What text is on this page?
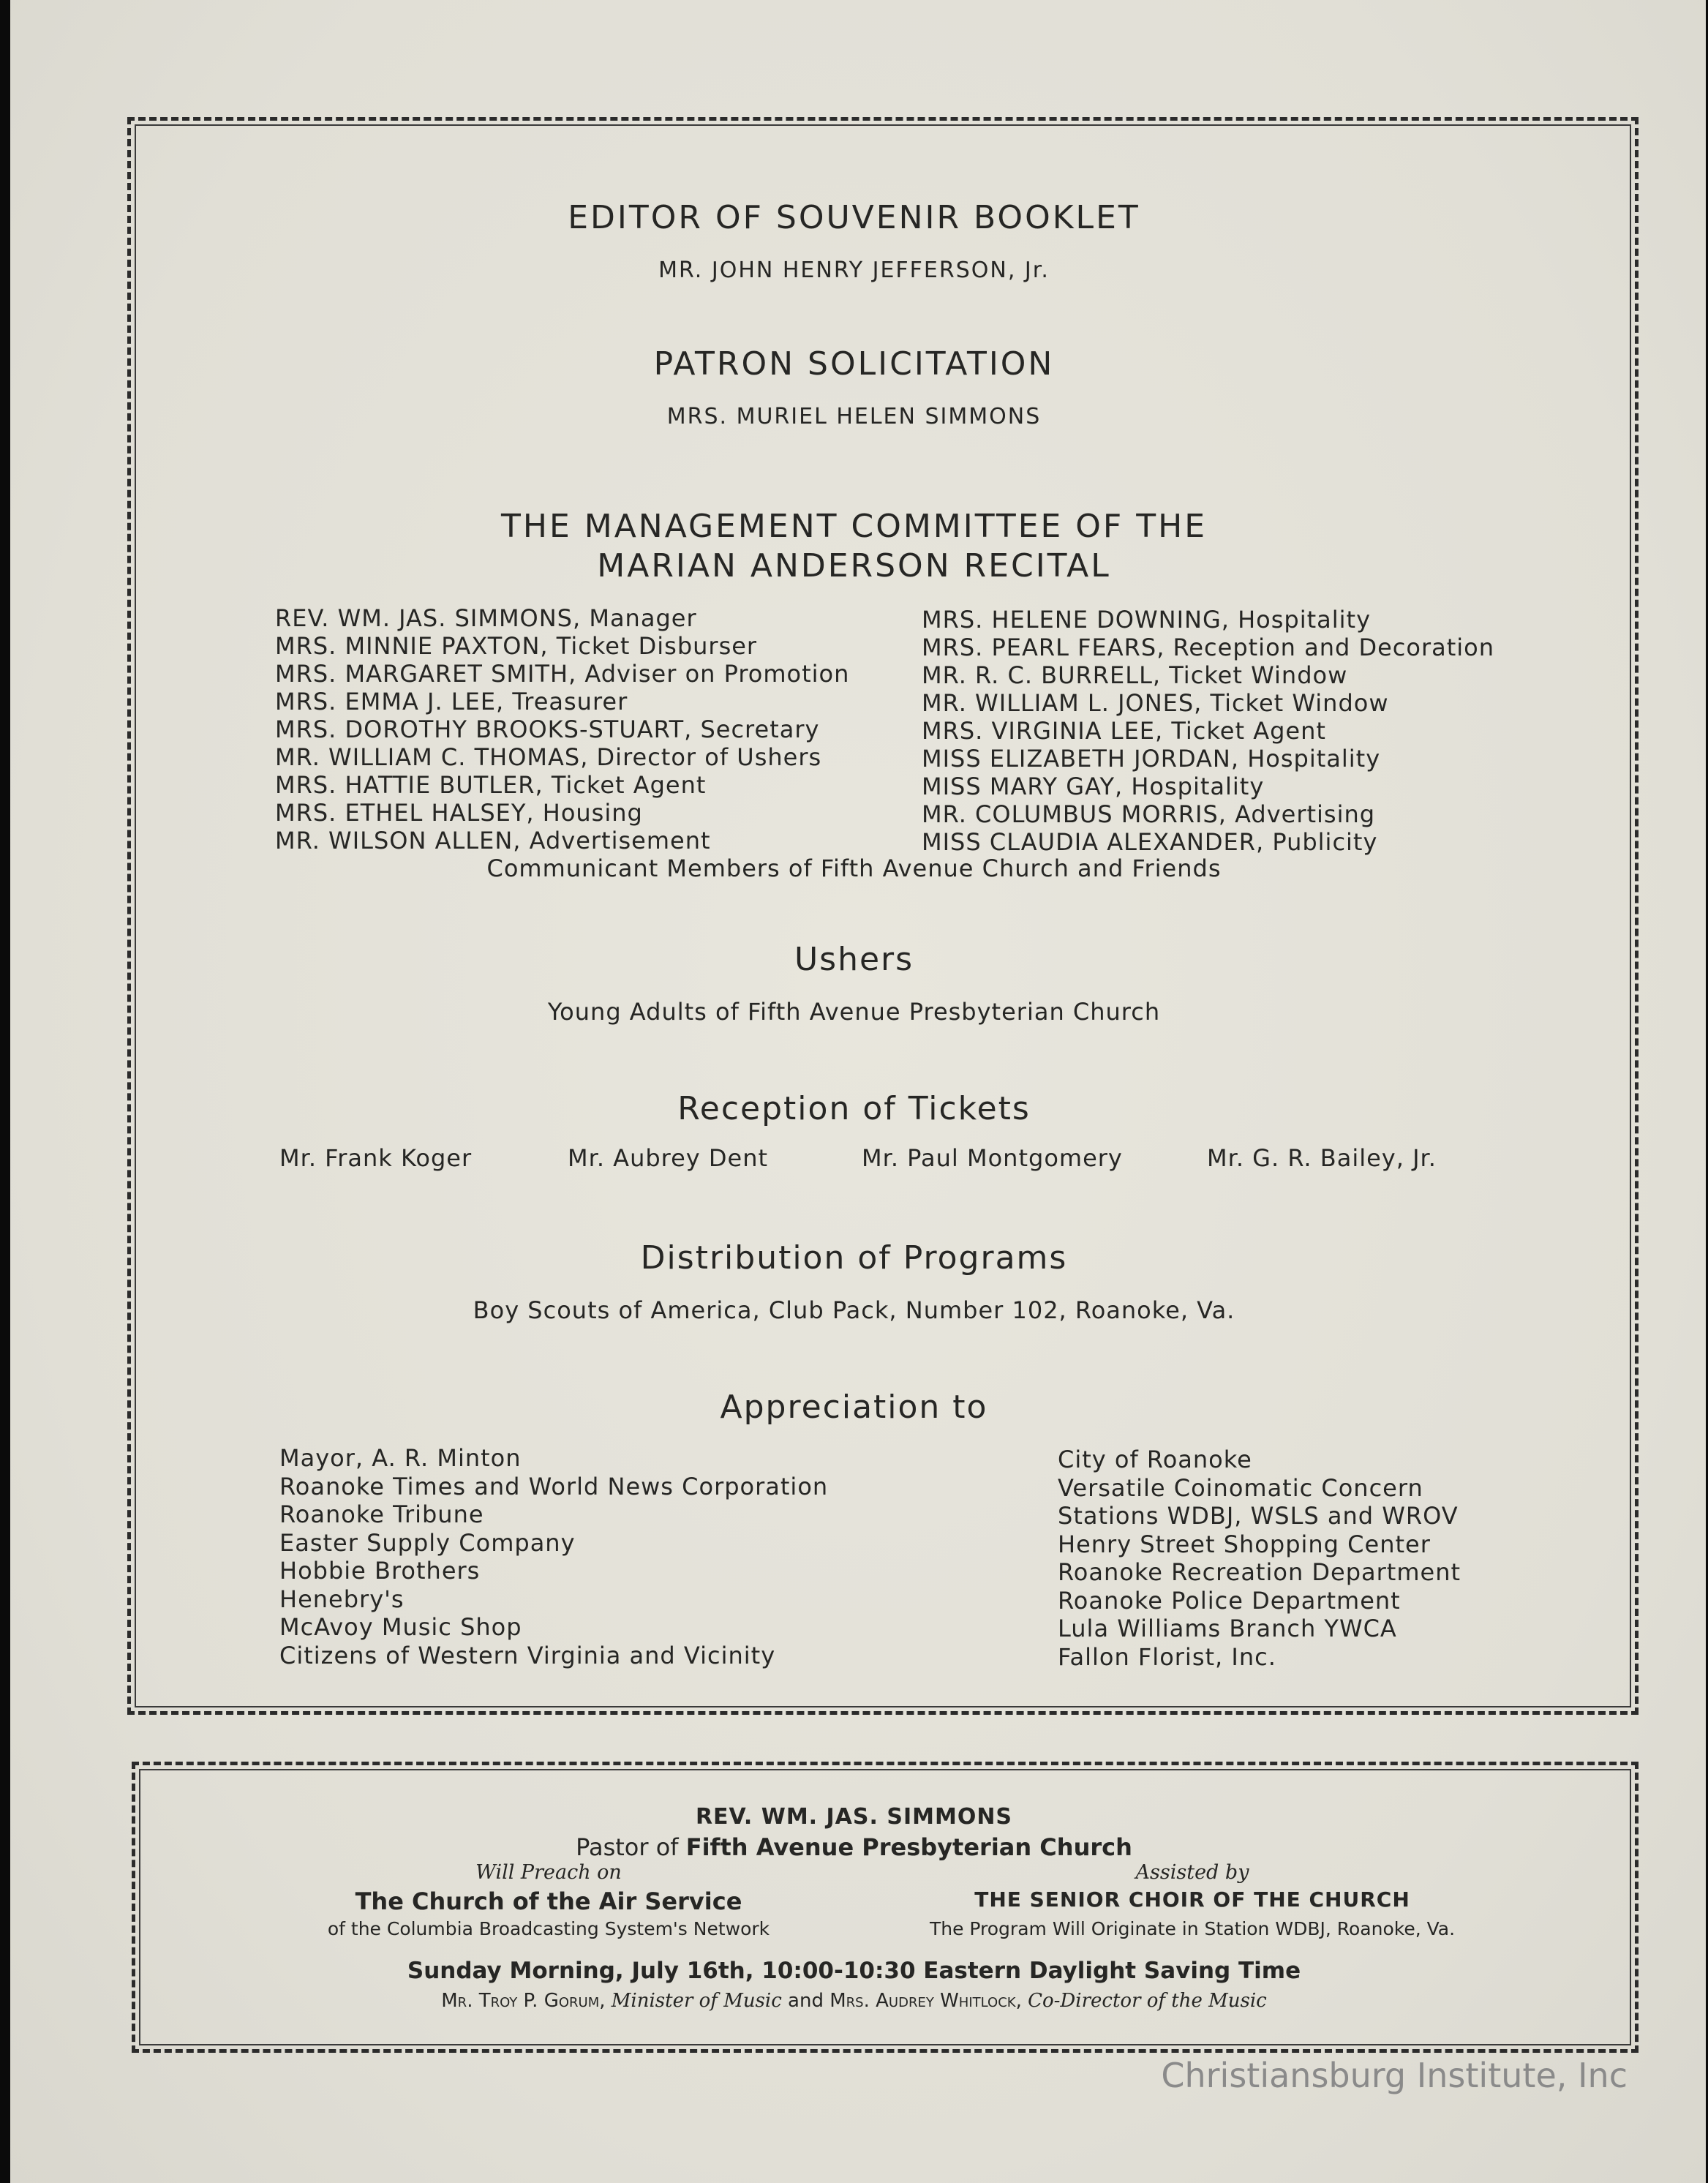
EDITOR OF SOUVENIR BOOKLET
MR. JOHN HENRY JEFFERSON, Jr.
PATRON SOLICITATION
MRS. MURIEL HELEN SIMMONS
THE MANAGEMENT COMMITTEE OF THE
MARIAN ANDERSON RECITAL
REV. WM. JAS. SIMMONS, Manager
MRS. MINNIE PAXTON, Ticket Disburser
MRS. MARGARET SMITH, Adviser on Promotion
MRS. EMMA J. LEE, Treasurer
MRS. DOROTHY BROOKS-STUART, Secretary
MR. WILLIAM C. THOMAS, Director of Ushers
MRS. HATTIE BUTLER, Ticket Agent
MRS. ETHEL HALSEY, Housing
MR. WILSON ALLEN, Advertisement
MRS. HELENE DOWNING, Hospitality
MRS. PEARL FEARS, Reception and Decoration
MR. R. C. BURRELL, Ticket Window
MR. WILLIAM L. JONES, Ticket Window
MRS. VIRGINIA LEE, Ticket Agent
MISS ELIZABETH JORDAN, Hospitality
MISS MARY GAY, Hospitality
MR. COLUMBUS MORRIS, Advertising
MISS CLAUDIA ALEXANDER, Publicity
Communicant Members of Fifth Avenue Church and Friends
Ushers
Young Adults of Fifth Avenue Presbyterian Church
Reception of Tickets
Mr. Frank Koger	Mr. Aubrey Dent	Mr. Paul Montgomery	Mr. G. R. Bailey, Jr.
Distribution of Programs
Boy Scouts of America, Club Pack, Number 102, Roanoke, Va.
Appreciation to
Mayor, A. R. Minton
Roanoke Times and World News Corporation
Roanoke Tribune
Easter Supply Company
Hobbie Brothers
Henebry's
McAvoy Music Shop
Citizens of Western Virginia and Vicinity
City of Roanoke
Versatile Coinomatic Concern
Stations WDBJ, WSLS and WROV
Henry Street Shopping Center
Roanoke Recreation Department
Roanoke Police Department
Lula Williams Branch YWCA
Fallon Florist, Inc.
REV. WM. JAS. SIMMONS
Pastor of Fifth Avenue Presbyterian Church
Will Preach on
The Church of the Air Service
of the Columbia Broadcasting System's Network
Assisted by
THE SENIOR CHOIR OF THE CHURCH
The Program Will Originate in Station WDBJ, Roanoke, Va.
Sunday Morning, July 16th, 10:00-10:30 Eastern Daylight Saving Time
Mr. Troy P. Gorum, Minister of Music and Mrs. Audrey Whitlock, Co-Director of the Music
Christiansburg Institute, Inc
